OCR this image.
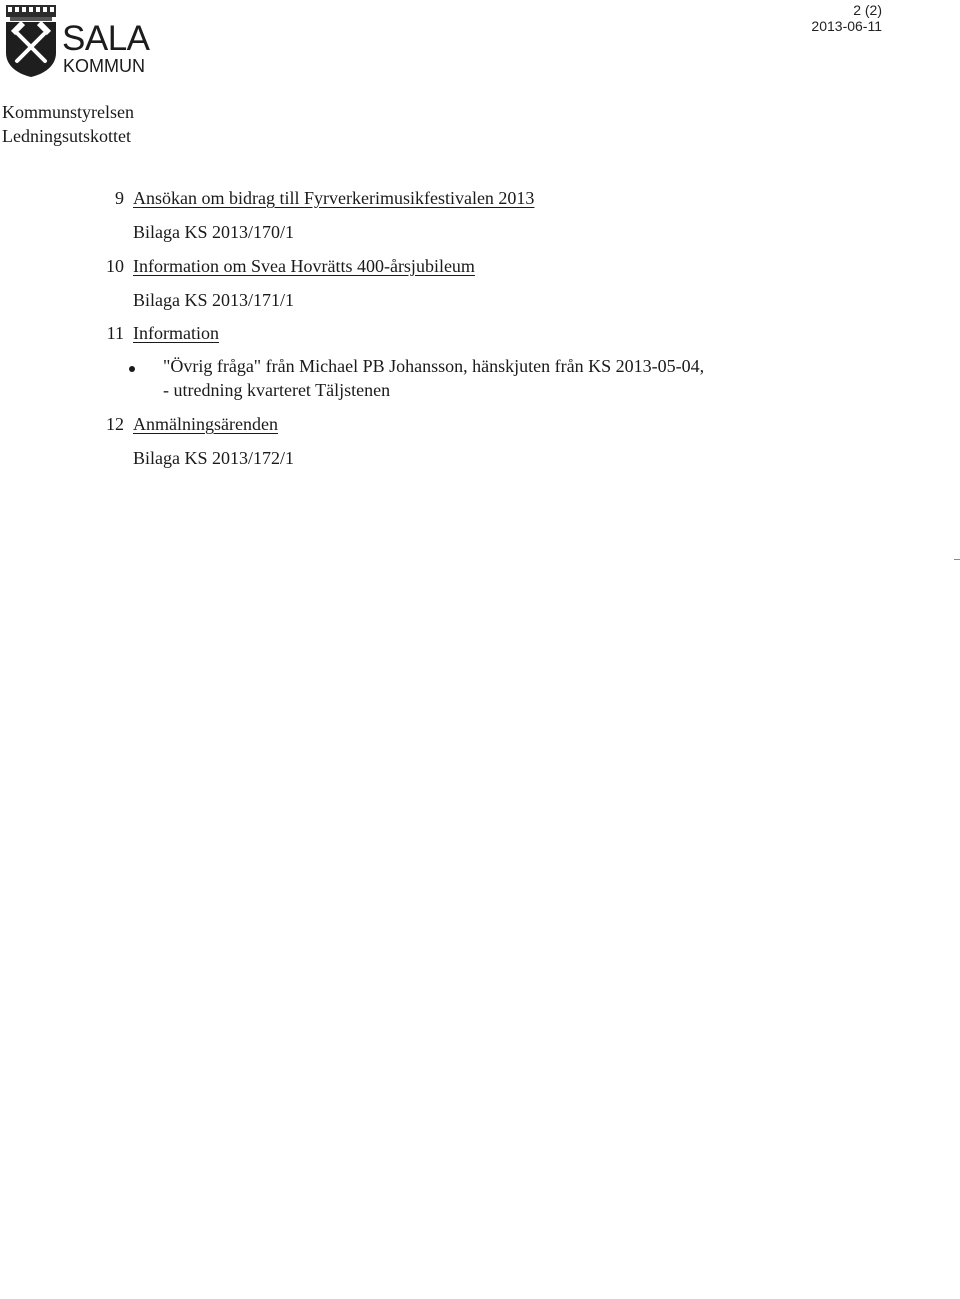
SALA
KOMMUN
2 (2)
2013-06-11
Kommunstyrelsen
Ledningsutskottet
9 Ansökan om bidrag till Fyrverkerimusikfestivalen 2013
Bilaga KS 2013/170/1
10 Information om Svea Hovrätts 400-årsjubileum
Bilaga KS 2013/171/1
11 Information
"Övrig fråga" från Michael PB Johansson, hänskjuten från KS 2013-05-04,
- utredning kvarteret Täljstenen
12 Anmälningsärenden
Bilaga KS 2013/172/1
